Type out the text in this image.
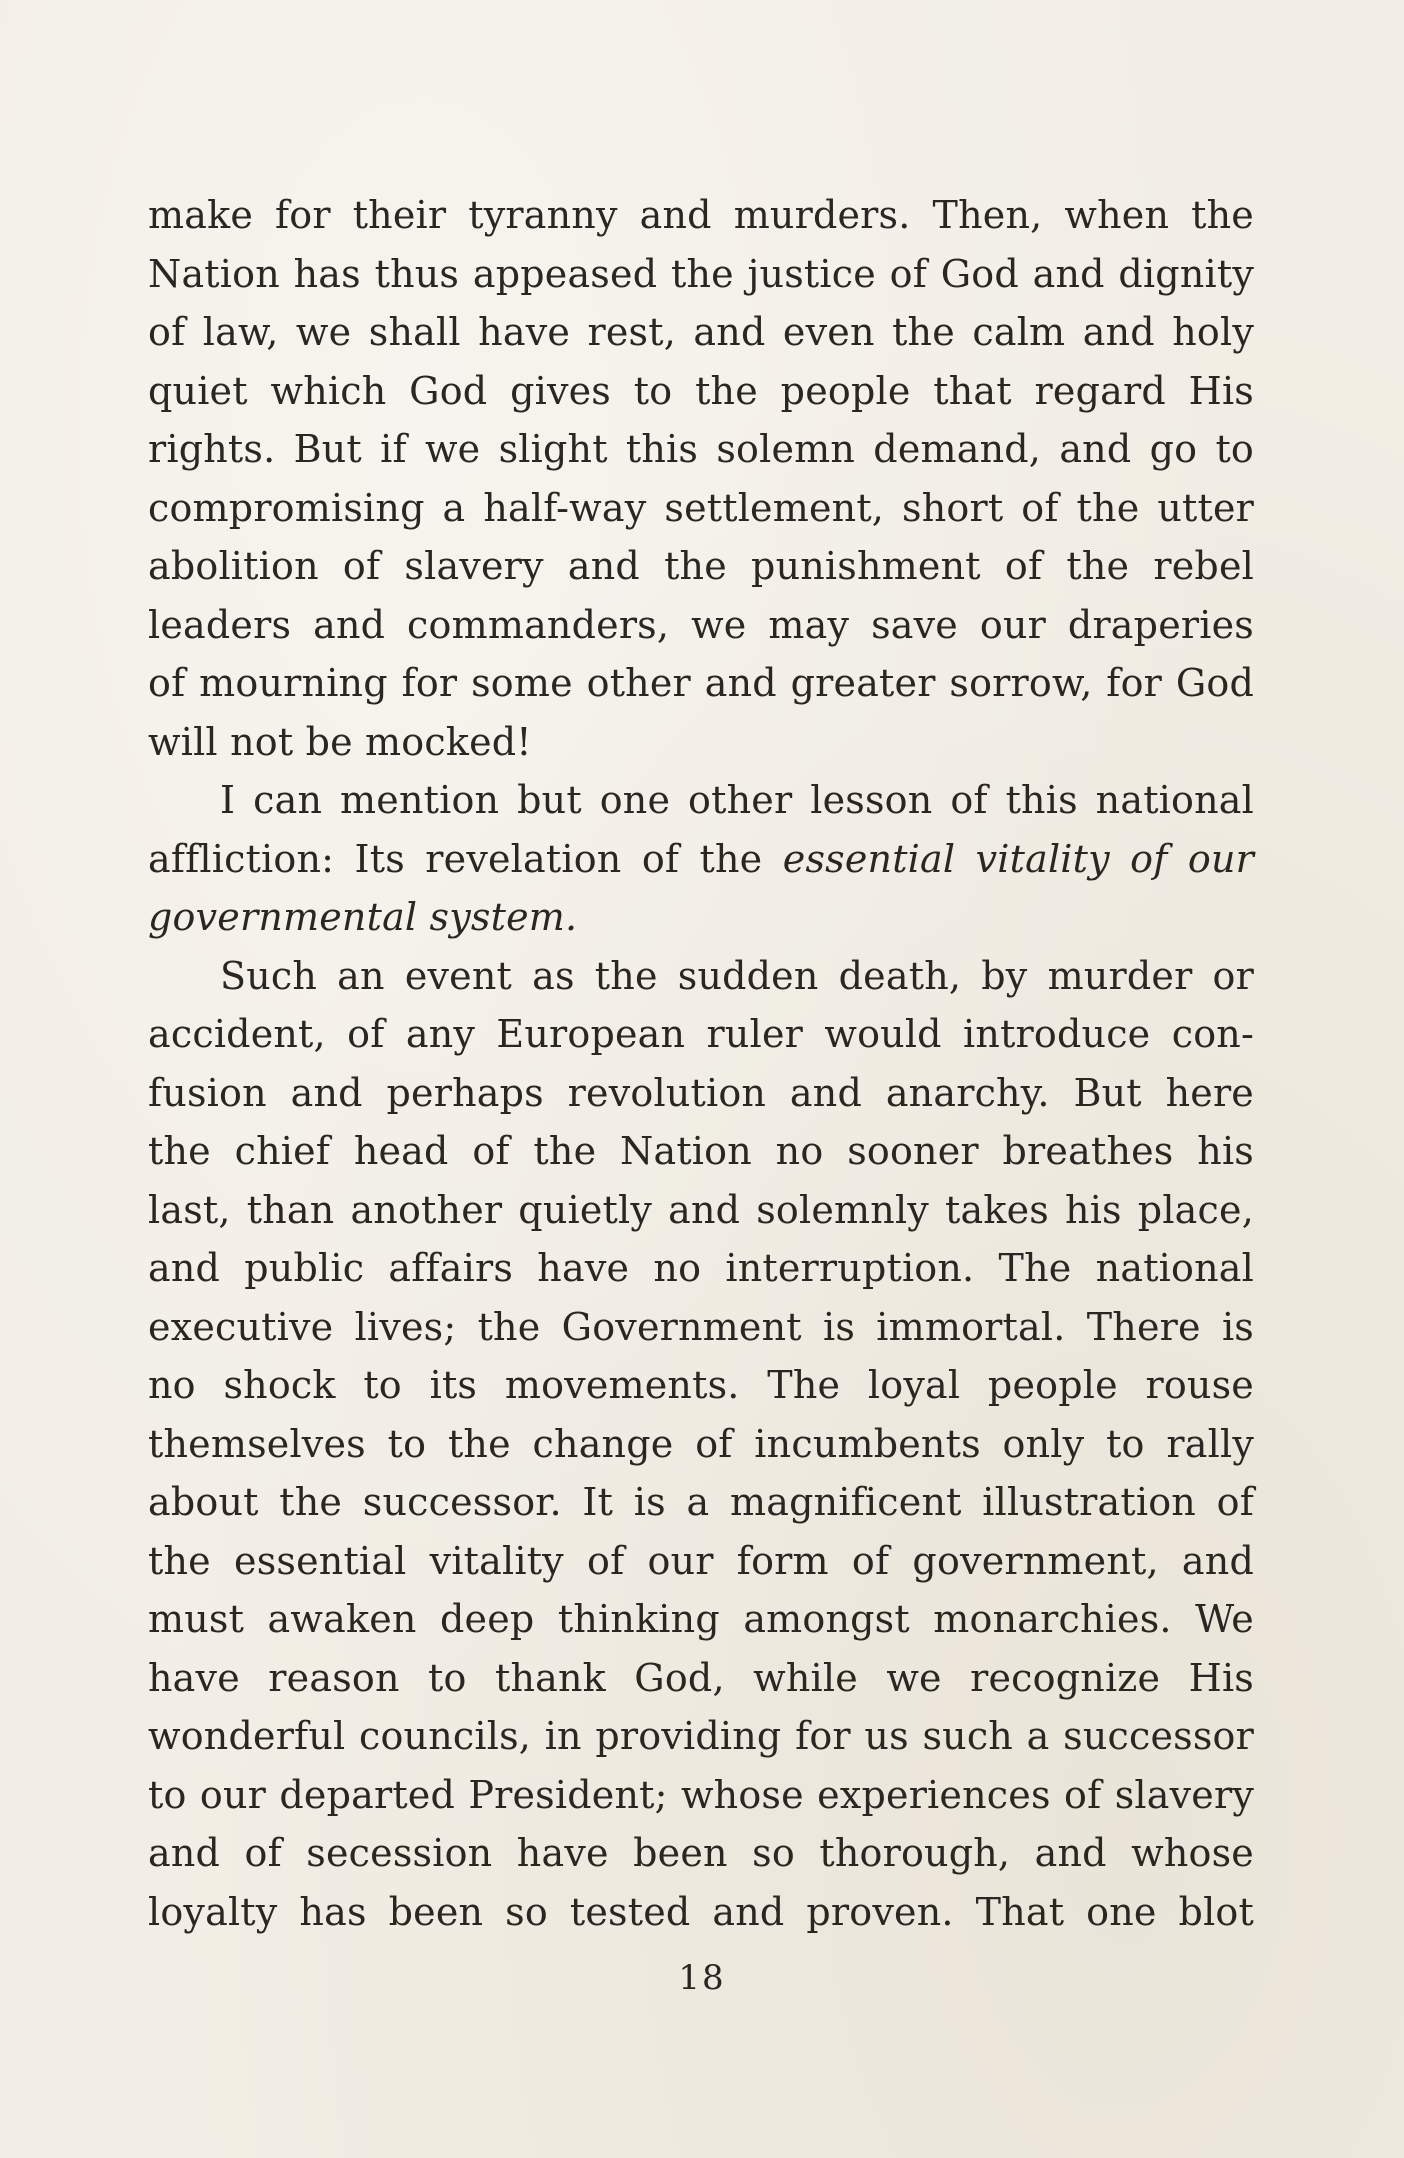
make for their tyranny and murders. Then, when the
Nation has thus appeased the justice of God and dignity
of law, we shall have rest, and even the calm and holy
quiet which God gives to the people that regard His
rights. But if we slight this solemn demand, and go to
compromising a half-way settlement, short of the utter
abolition of slavery and the punishment of the rebel
leaders and commanders, we may save our draperies
of mourning for some other and greater sorrow, for God
will not be mocked!
I can mention but one other lesson of this national
affliction: Its revelation of the essential vitality of our
governmental system.
Such an event as the sudden death, by murder or
accident, of any European ruler would introduce con-
fusion and perhaps revolution and anarchy. But here
the chief head of the Nation no sooner breathes his
last, than another quietly and solemnly takes his place,
and public affairs have no interruption. The national
executive lives; the Government is immortal. There is
no shock to its movements. The loyal people rouse
themselves to the change of incumbents only to rally
about the successor. It is a magnificent illustration of
the essential vitality of our form of government, and
must awaken deep thinking amongst monarchies. We
have reason to thank God, while we recognize His
wonderful councils, in providing for us such a successor
to our departed President; whose experiences of slavery
and of secession have been so thorough, and whose
loyalty has been so tested and proven. That one blot
18
